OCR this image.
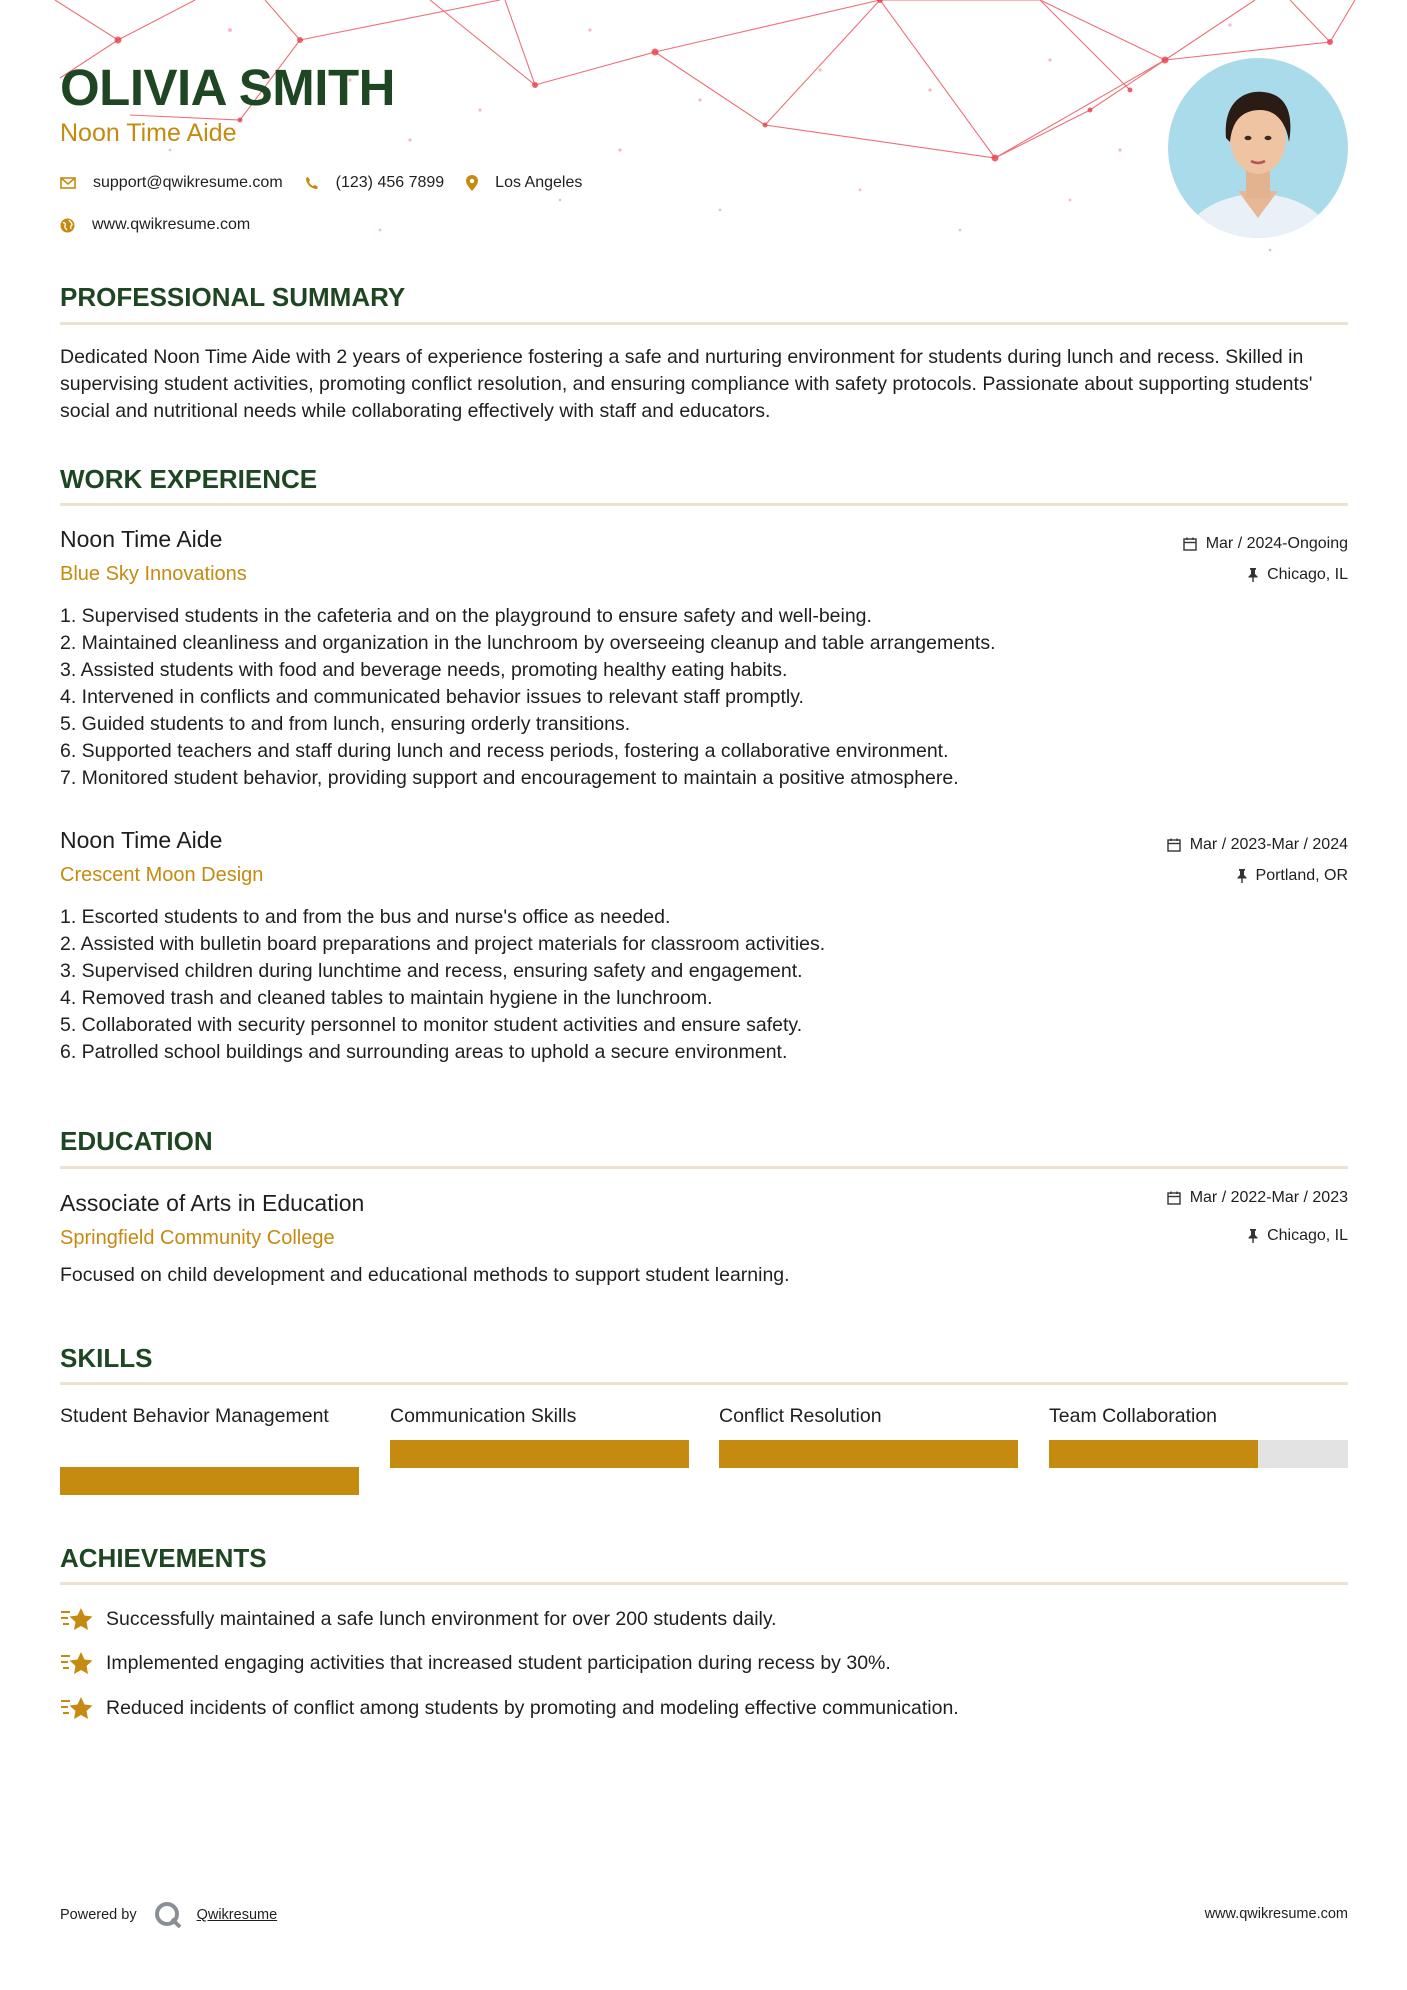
OLIVIA SMITH
Noon Time Aide
support@qwikresume.com	(123) 456 7899	Los Angeles
www.qwikresume.com
PROFESSIONAL SUMMARY

Dedicated Noon Time Aide with 2 years of experience fostering a safe and nurturing environment for students during lunch and recess. Skilled in supervising student activities, promoting conflict resolution, and ensuring compliance with safety protocols. Passionate about supporting students' social and nutritional needs while collaborating effectively with staff and educators.

WORK EXPERIENCE
Noon Time Aide
Blue Sky Innovations
Mar / 2024-Ongoing
Chicago, IL
1. Supervised students in the cafeteria and on the playground to ensure safety and well-being.
2. Maintained cleanliness and organization in the lunchroom by overseeing cleanup and table arrangements.
3. Assisted students with food and beverage needs, promoting healthy eating habits.
4. Intervened in conflicts and communicated behavior issues to relevant staff promptly.
5. Guided students to and from lunch, ensuring orderly transitions.
6. Supported teachers and staff during lunch and recess periods, fostering a collaborative environment.
7. Monitored student behavior, providing support and encouragement to maintain a positive atmosphere.
Noon Time Aide
Crescent Moon Design
Mar / 2023-Mar / 2024
Portland, OR
1. Escorted students to and from the bus and nurse's office as needed.
2. Assisted with bulletin board preparations and project materials for classroom activities.
3. Supervised children during lunchtime and recess, ensuring safety and engagement.
4. Removed trash and cleaned tables to maintain hygiene in the lunchroom.
5. Collaborated with security personnel to monitor student activities and ensure safety.
6. Patrolled school buildings and surrounding areas to uphold a secure environment.
EDUCATION
Associate of Arts in Education
Springfield Community College
Mar / 2022-Mar / 2023
Chicago, IL

Focused on child development and educational methods to support student learning.

SKILLS
Student Behavior Management	Communication Skills	Conflict Resolution	Team Collaboration
ACHIEVEMENTS
Successfully maintained a safe lunch environment for over 200 students daily.
Implemented engaging activities that increased student participation during recess by 30%.
Reduced incidents of conflict among students by promoting and modeling effective communication.
Powered by	Qwikresume	www.qwikresume.com
